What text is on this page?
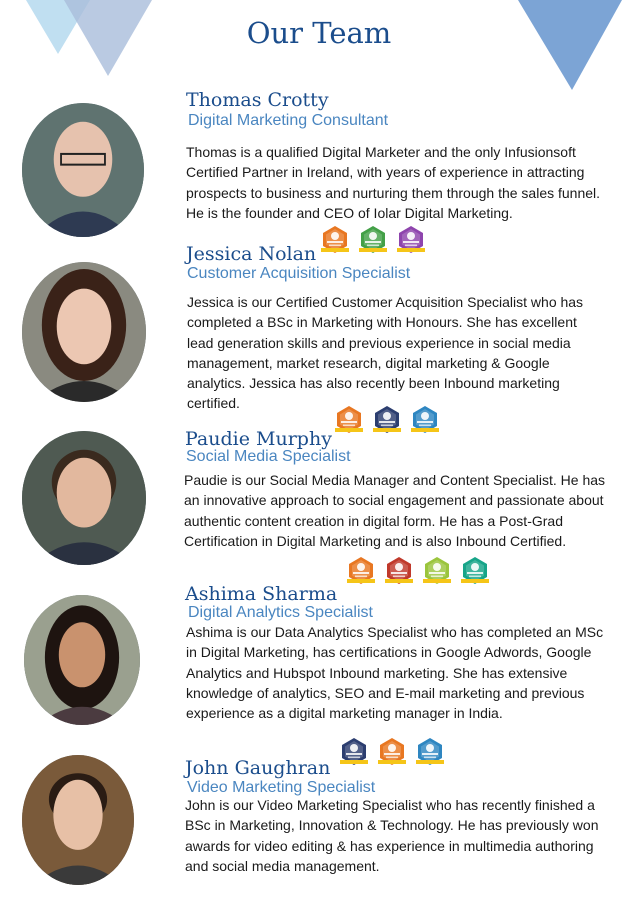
Our Team
Thomas Crotty
Digital Marketing Consultant
Thomas is a qualified Digital Marketer and the only Infusionsoft Certified Partner in Ireland, with years of experience in attracting prospects to business and nurturing them through the sales funnel. He is the founder and CEO of Iolar Digital Marketing.
Jessica Nolan
Customer Acquisition Specialist
Jessica is our Certified Customer Acquisition Specialist who has completed a BSc in Marketing with Honours. She has excellent lead generation skills and previous experience in social media management, market research, digital marketing & Google analytics. Jessica has also recently been Inbound marketing certified.
Paudie Murphy
Social Media Specialist
Paudie is our Social Media Manager and Content Specialist. He has an innovative approach to social engagement and passionate about authentic content creation in digital form. He has a Post-Grad Certification in Digital Marketing and is also Inbound Certified.
Ashima Sharma
Digital Analytics Specialist
Ashima is our Data Analytics Specialist who has completed an MSc in Digital Marketing, has certifications in Google Adwords, Google Analytics and Hubspot Inbound marketing. She has extensive knowledge of analytics, SEO and E-mail marketing and previous experience as a digital marketing manager in India.
John Gaughran
Video Marketing Specialist
John is our Video Marketing Specialist who has recently finished a BSc in Marketing, Innovation & Technology. He has previously won awards for video editing & has experience in multimedia authoring and social media management.
